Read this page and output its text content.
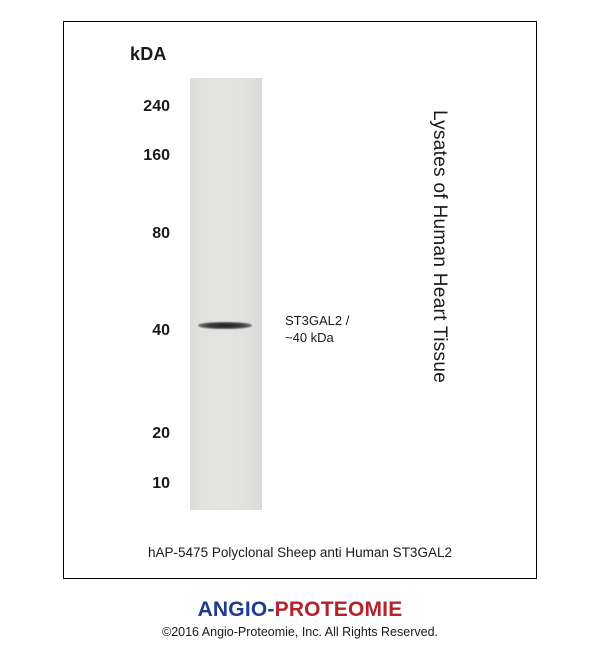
kDA
240
160
80
40
20
10
ST3GAL2 /
~40 kDa	Lysates of Human Heart Tissue
hAP-5475 Polyclonal Sheep anti Human ST3GAL2
ANGIO-PROTEOMIE
©2016 Angio-Proteomie, Inc. All Rights Reserved.
